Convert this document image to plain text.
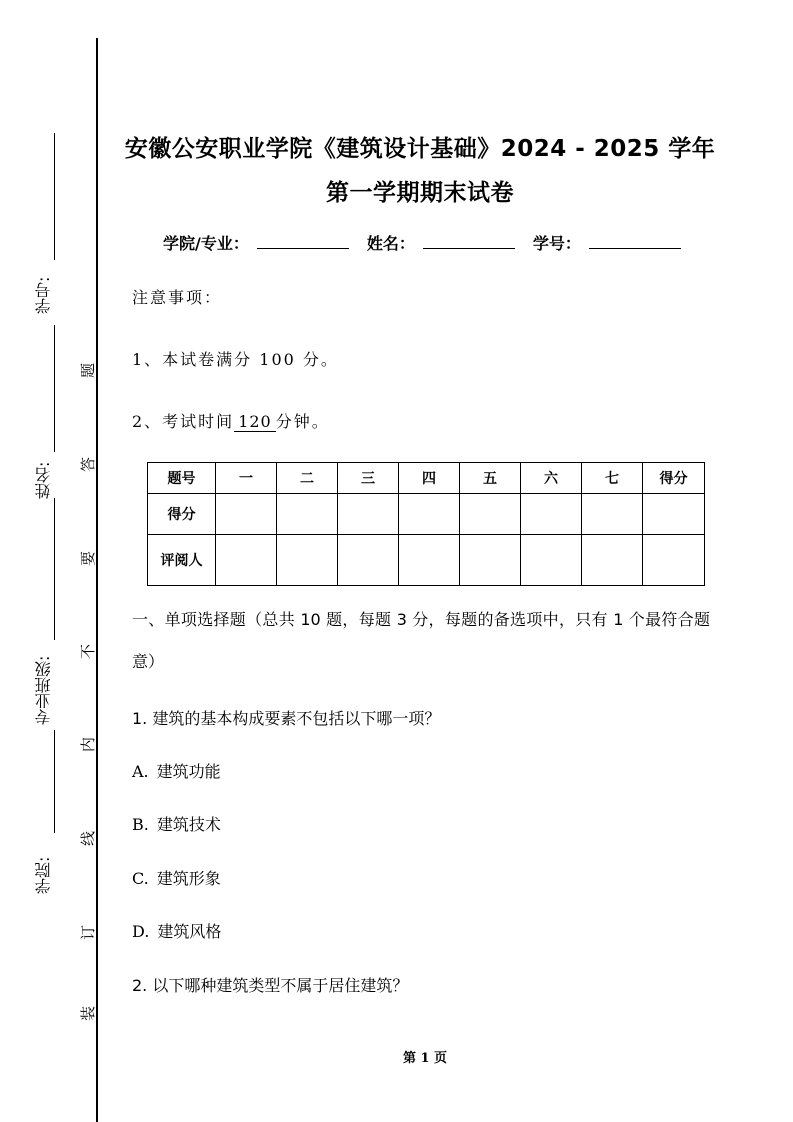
学号:
姓名:
专业班级:
学院:
题
答
要
不
内
线
订
装
安徽公安职业学院《建筑设计基础》2024 - 2025 学年
第一学期期末试卷
学院/专业：	姓名：	学号：
注意事项：
1、本试卷满分 100 分。
2、考试时间 120 分钟。
题号	一	二	三	四	五	六	七	得分
得分								
评阅人								
一、单项选择题（总共 10 题，每题 3 分，每题的备选项中，只有 1 个最符合题意）
1. 建筑的基本构成要素不包括以下哪一项？
A. 建筑功能
B. 建筑技术
C. 建筑形象
D. 建筑风格
2. 以下哪种建筑类型不属于居住建筑？
第 1 页
